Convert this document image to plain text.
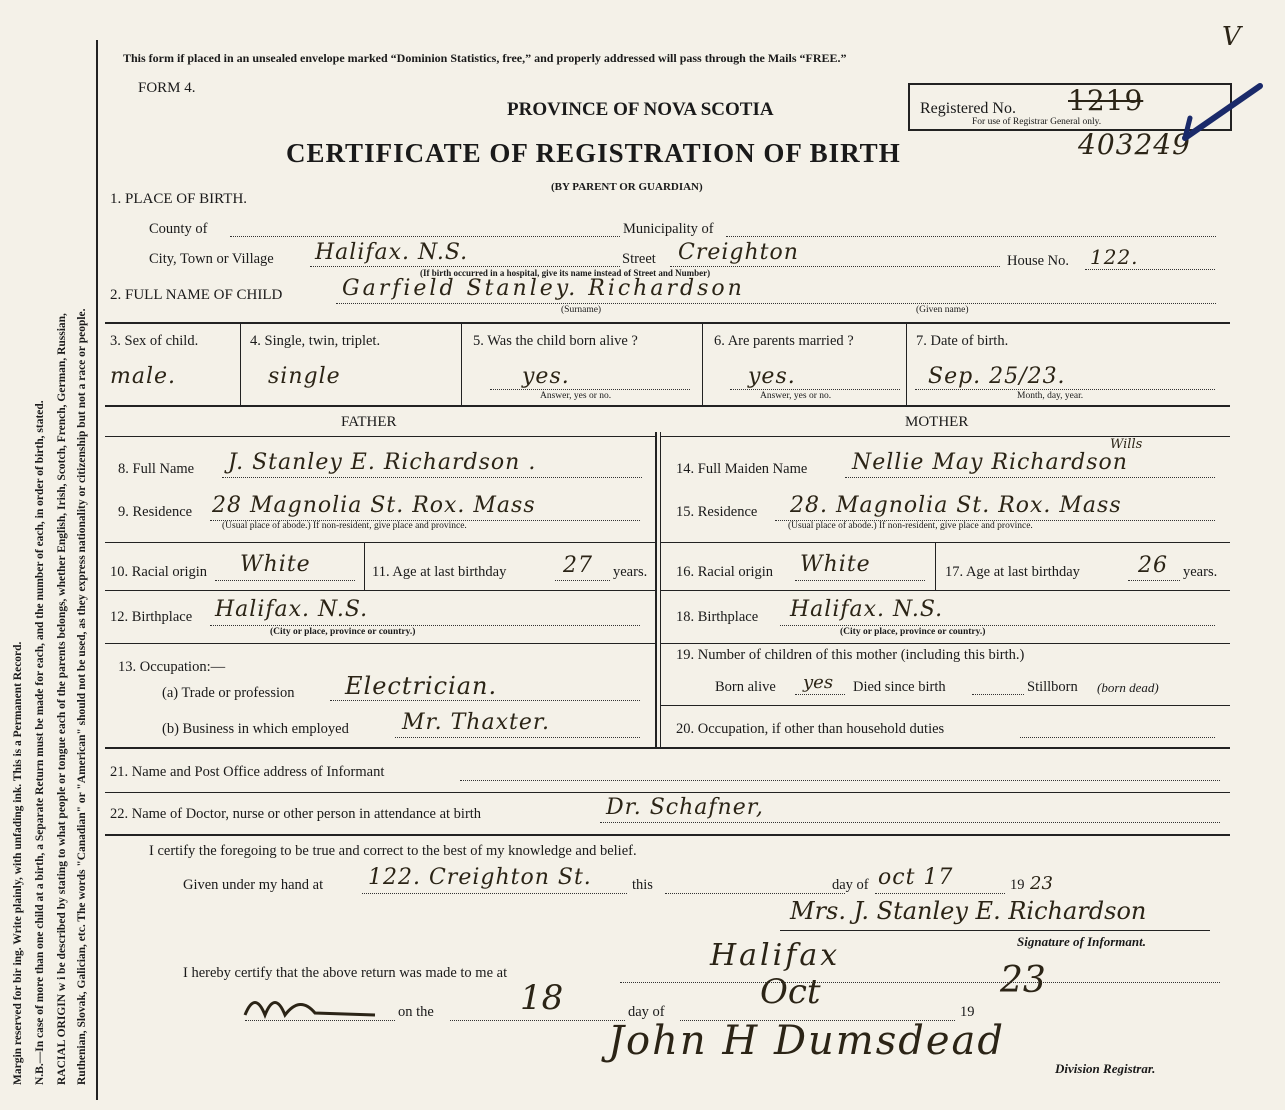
Margin reserved for bir ing. Write plainly, with unfading ink. This is a Permanent Record. N.B.—In case of more than one child at a birth, a Separate Return must be made for each, and the number of each, in order of birth, stated. RACIAL ORIGIN w i be described by stating to what people or tongue each of the parents belongs, whether English, Irish, Scotch, French, German, Russian, Ruthenian, Slovak, Galician, etc. The words "Canadian" or "American" should not be used, as they express nationality or citizenship but not a race or people.
This form if placed in an unsealed envelope marked “Dominion Statistics, free,” and properly addressed will pass through the Mails “FREE.”
V
FORM 4.
PROVINCE OF NOVA SCOTIA	Registered No. 1219
For use of Registrar General only.
403249
CERTIFICATE OF REGISTRATION OF BIRTH
(BY PARENT OR GUARDIAN)
1. PLACE OF BIRTH.
County of	Municipality of
City, Town or Village Halifax. N.S.	Street Creighton
(If birth occurred in a hospital, give its name instead of Street and Number)
House No. 122.
2. FULL NAME OF CHILD	Garfield Stanley. Richardson
(Surname)	(Given name)
3. Sex of child.
male.
4. Single, twin, triplet.
single
5. Was the child born alive ?
yes.
Answer, yes or no.
6. Are parents married ?
yes.
Answer, yes or no.
7. Date of birth.
Sep. 25/23.
Month, day, year.
FATHER	MOTHER
8. Full Name J. Stanley E. Richardson .
9. Residence 28 Magnolia St. Rox. Mass
(Usual place of abode.) If non-resident, give place and province.
10. Racial origin White	11. Age at last birthday	27 years.
12. Birthplace Halifax. N.S.
(City or place, province or country.)
13. Occupation:—
(a) Trade or profession Electrician.
(b) Business in which employed Mr. Thaxter.
14. Full Maiden Name
Wills
Nellie May Richardson
15. Residence 28. Magnolia St. Rox. Mass
(Usual place of abode.) If non-resident, give place and province.
16. Racial origin White	17. Age at last birthday	26 years.
18. Birthplace Halifax. N.S.
(City or place, province or country.)
19. Number of children of this mother (including this birth.)
Born alive yes Died since birth	Stillborn (born dead)
20. Occupation, if other than household duties
21. Name and Post Office address of Informant
22. Name of Doctor, nurse or other person in attendance at birth	Dr. Schafner,
I certify the foregoing to be true and correct to the best of my knowledge and belief.
Given under my hand at 122. Creighton St.	this	day of oct 17	19 23
Mrs. J. Stanley E. Richardson
Signature of Informant.
I hereby certify that the above return was made to me at	Halifax
on the	18	day of	Oct	19
23
John H Dumsdead
Division Registrar.
